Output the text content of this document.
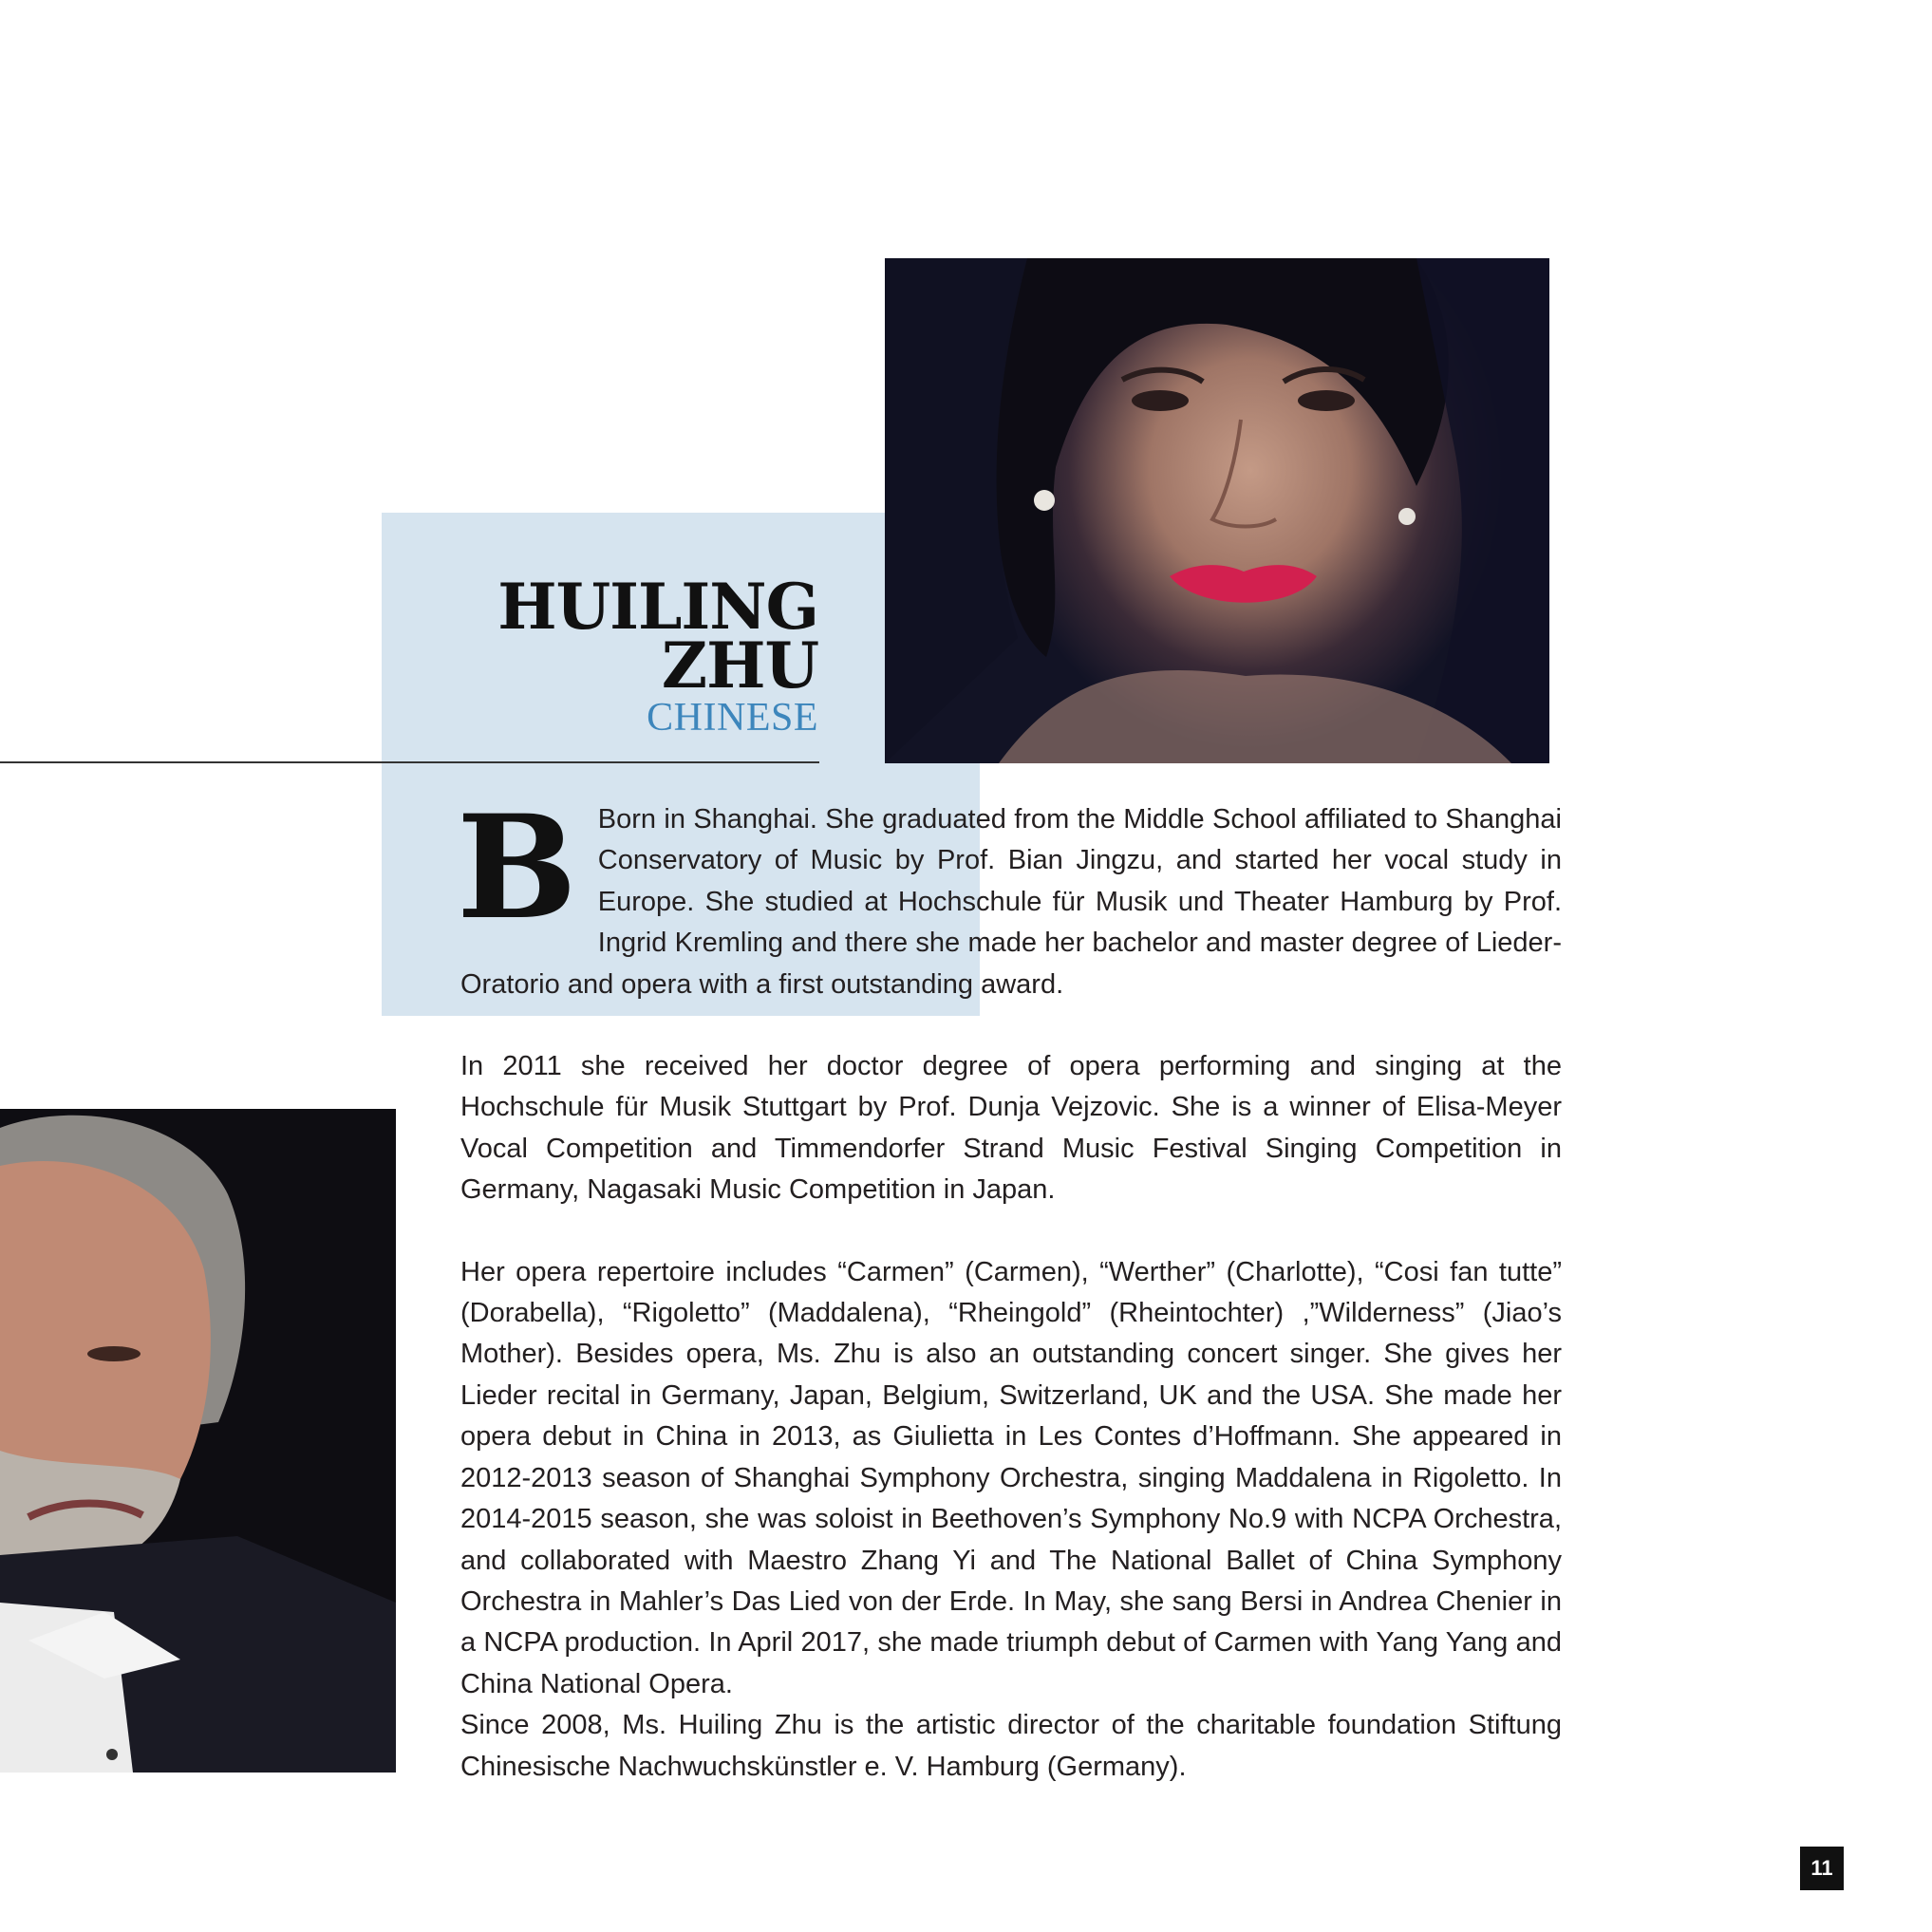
HUILING
ZHU
CHINESE

B Born in Shanghai. She graduated from the Middle School affiliated to Shanghai Conservatory of Music by Prof. Bian Jingzu, and started her vocal study in Europe. She studied at Hochschule für Musik und Theater Hamburg by Prof. Ingrid Kremling and there she made her bachelor and master degree of Lieder-Oratorio and opera with a first outstanding award.

In 2011 she received her doctor degree of opera performing and singing at the Hochschule für Musik Stuttgart by Prof. Dunja Vejzovic. She is a winner of Elisa-Meyer Vocal Competition and Timmendorfer Strand Music Festival Singing Competition in Germany, Nagasaki Music Competition in Japan.

Her opera repertoire includes “Carmen” (Carmen), “Werther” (Charlotte), “Cosi fan tutte” (Dorabella), “Rigoletto” (Maddalena), “Rheingold” (Rheintochter) ,”Wilderness” (Jiao’s Mother). Besides opera, Ms. Zhu is also an outstanding concert singer. She gives her Lieder recital in Germany, Japan, Belgium, Switzerland, UK and the USA. She made her opera debut in China in 2013, as Giulietta in Les Contes d’Hoffmann. She appeared in 2012-2013 season of Shanghai Symphony Orchestra, singing Maddalena in Rigoletto. In 2014-2015 season, she was soloist in Beethoven’s Symphony No.9 with NCPA Orchestra, and collaborated with Maestro Zhang Yi and The National Ballet of China Symphony Orchestra in Mahler’s Das Lied von der Erde. In May, she sang Bersi in Andrea Chenier in a NCPA production. In April 2017, she made triumph debut of Carmen with Yang Yang and China National Opera.

Since 2008, Ms. Huiling Zhu is the artistic director of the charitable foundation Stiftung Chinesische Nachwuchskünstler e. V. Hamburg (Germany).

11
